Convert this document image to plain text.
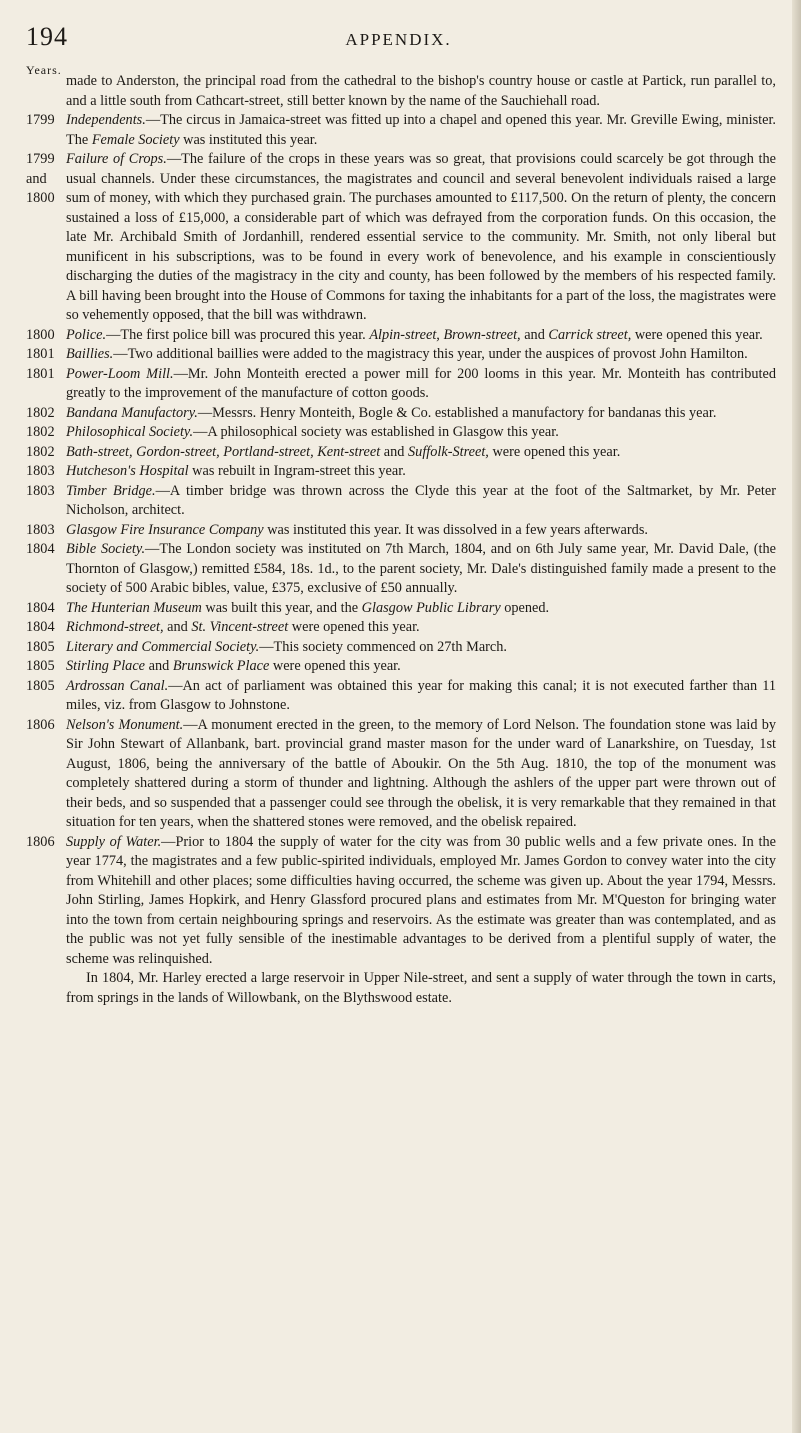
194	APPENDIX.
Years.
made to Anderston, the principal road from the cathedral to the bishop's country house or castle at Partick, run parallel to, and a little south from Cathcart-street, still better known by the name of the Sauchiehall road.
1799 Independents.—The circus in Jamaica-street was fitted up into a chapel and opened this year. Mr. Greville Ewing, minister. The Female Society was instituted this year.
1799
and
1800
Failure of Crops.—The failure of the crops in these years was so great, that provisions could scarcely be got through the usual channels. Under these circumstances, the magistrates and council and several benevolent individuals raised a large sum of money, with which they purchased grain. The purchases amounted to £117,500. On the return of plenty, the concern sustained a loss of £15,000, a considerable part of which was defrayed from the corporation funds. On this occasion, the late Mr. Archibald Smith of Jordanhill, rendered essential service to the community. Mr. Smith, not only liberal but munificent in his subscriptions, was to be found in every work of benevolence, and his example in conscientiously discharging the duties of the magistracy in the city and county, has been followed by the members of his respected family. A bill having been brought into the House of Commons for taxing the inhabitants for a part of the loss, the magistrates were so vehemently opposed, that the bill was withdrawn.
1800 Police.—The first police bill was procured this year. Alpin-street, Brown-street, and Carrick street, were opened this year.
1801 Baillies.—Two additional baillies were added to the magistracy this year, under the auspices of provost John Hamilton.
1801 Power-Loom Mill.—Mr. John Monteith erected a power mill for 200 looms in this year. Mr. Monteith has contributed greatly to the improvement of the manufacture of cotton goods.
1802 Bandana Manufactory.—Messrs. Henry Monteith, Bogle & Co. established a manufactory for bandanas this year.
1802 Philosophical Society.—A philosophical society was established in Glasgow this year.
1802 Bath-street, Gordon-street, Portland-street, Kent-street and Suffolk-Street, were opened this year.
1803 Hutcheson's Hospital was rebuilt in Ingram-street this year.
1803 Timber Bridge.—A timber bridge was thrown across the Clyde this year at the foot of the Saltmarket, by Mr. Peter Nicholson, architect.
1803 Glasgow Fire Insurance Company was instituted this year. It was dissolved in a few years afterwards.
1804 Bible Society.—The London society was instituted on 7th March, 1804, and on 6th July same year, Mr. David Dale, (the Thornton of Glasgow,) remitted £584, 18s. 1d., to the parent society, Mr. Dale's distinguished family made a present to the society of 500 Arabic bibles, value, £375, exclusive of £50 annually.
1804 The Hunterian Museum was built this year, and the Glasgow Public Library opened.
1804 Richmond-street, and St. Vincent-street were opened this year.
1805 Literary and Commercial Society.—This society commenced on 27th March.
1805 Stirling Place and Brunswick Place were opened this year.
1805 Ardrossan Canal.—An act of parliament was obtained this year for making this canal; it is not executed farther than 11 miles, viz. from Glasgow to Johnstone.
1806 Nelson's Monument.—A monument erected in the green, to the memory of Lord Nelson. The foundation stone was laid by Sir John Stewart of Allanbank, bart. provincial grand master mason for the under ward of Lanarkshire, on Tuesday, 1st August, 1806, being the anniversary of the battle of Aboukir. On the 5th Aug. 1810, the top of the monument was completely shattered during a storm of thunder and lightning. Although the ashlers of the upper part were thrown out of their beds, and so suspended that a passenger could see through the obelisk, it is very remarkable that they remained in that situation for ten years, when the shattered stones were removed, and the obelisk repaired.
1806 Supply of Water.—Prior to 1804 the supply of water for the city was from 30 public wells and a few private ones. In the year 1774, the magistrates and a few public-spirited individuals, employed Mr. James Gordon to convey water into the city from Whitehill and other places; some difficulties having occurred, the scheme was given up. About the year 1794, Messrs. John Stirling, James Hopkirk, and Henry Glassford procured plans and estimates from Mr. M'Queston for bringing water into the town from certain neighbouring springs and reservoirs. As the estimate was greater than was contemplated, and as the public was not yet fully sensible of the inestimable advantages to be derived from a plentiful supply of water, the scheme was relinquished.
In 1804, Mr. Harley erected a large reservoir in Upper Nile-street, and sent a supply of water through the town in carts, from springs in the lands of Willowbank, on the Blythswood estate.
